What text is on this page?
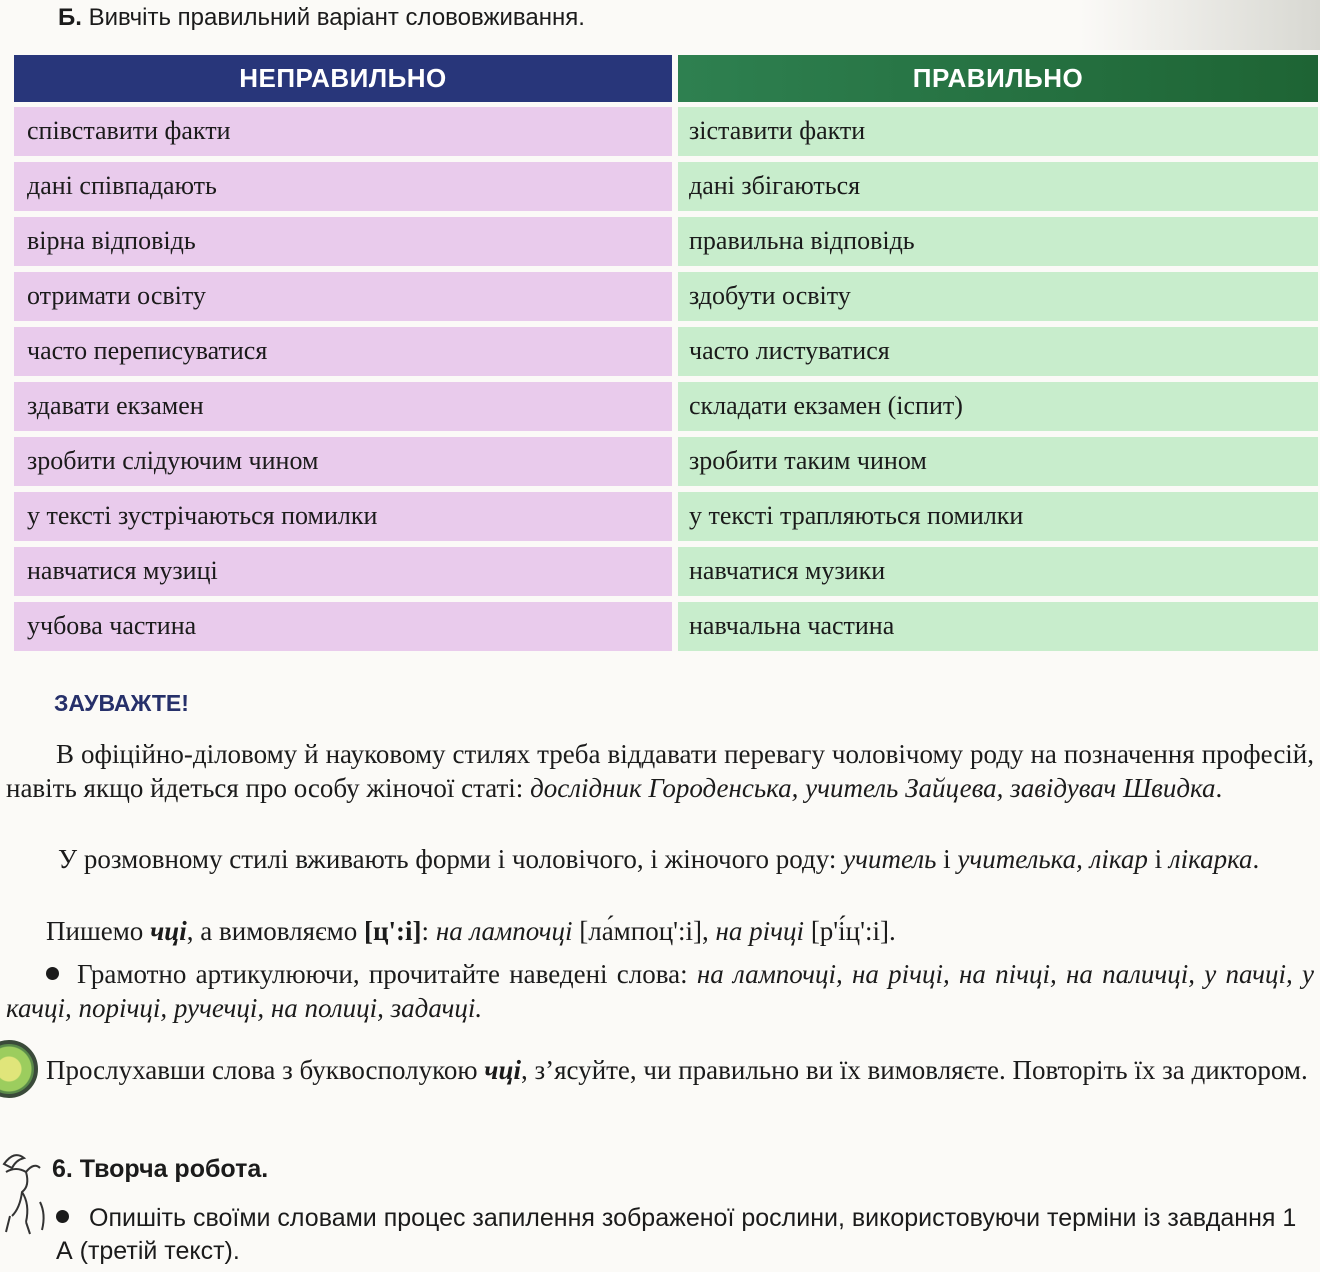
Б. Вивчіть правильний варіант слововживання.
НЕПРАВИЛЬНО	ПРАВИЛЬНО
співставити факти	зіставити факти
дані співпадають	дані збігаються
вірна відповідь	правильна відповідь
отримати освіту	здобути освіту
часто переписуватися	часто листуватися
здавати екзамен	складати екзамен (іспит)
зробити слідуючим чином	зробити таким чином
у тексті зустрічаються помилки	у тексті трапляються помилки
навчатися музиці	навчатися музики
учбова частина	навчальна частина
ЗАУВАЖТЕ!
В офіційно-діловому й науковому стилях треба віддавати перевагу чоловічому роду на позначення професій, навіть якщо йдеться про особу жіночої статі: дослідник Городенська, учитель Зайцева, завідувач Швидка.
У розмовному стилі вживають форми і чоловічого, і жіночого роду: учитель і учителька, лікар і лікарка.
Пишемо чці, а вимовляємо [ц':і]: на лампочці [ла́мпоц':і], на річці [р'і́ц':і].
Грамотно артикулюючи, прочитайте наведені слова: на лампочці, на річці, на пічці, на паличці, у пачці, у качці, порічці, ручечці, на полиці, задачці.
Прослухавши слова з буквосполукою чці, з’ясуйте, чи правильно ви їх вимовляєте. Повторіть їх за диктором.
6. Творча робота.
Опишіть своїми словами процес запилення зображеної рослини, використовуючи терміни із завдання 1 А (третій текст).
